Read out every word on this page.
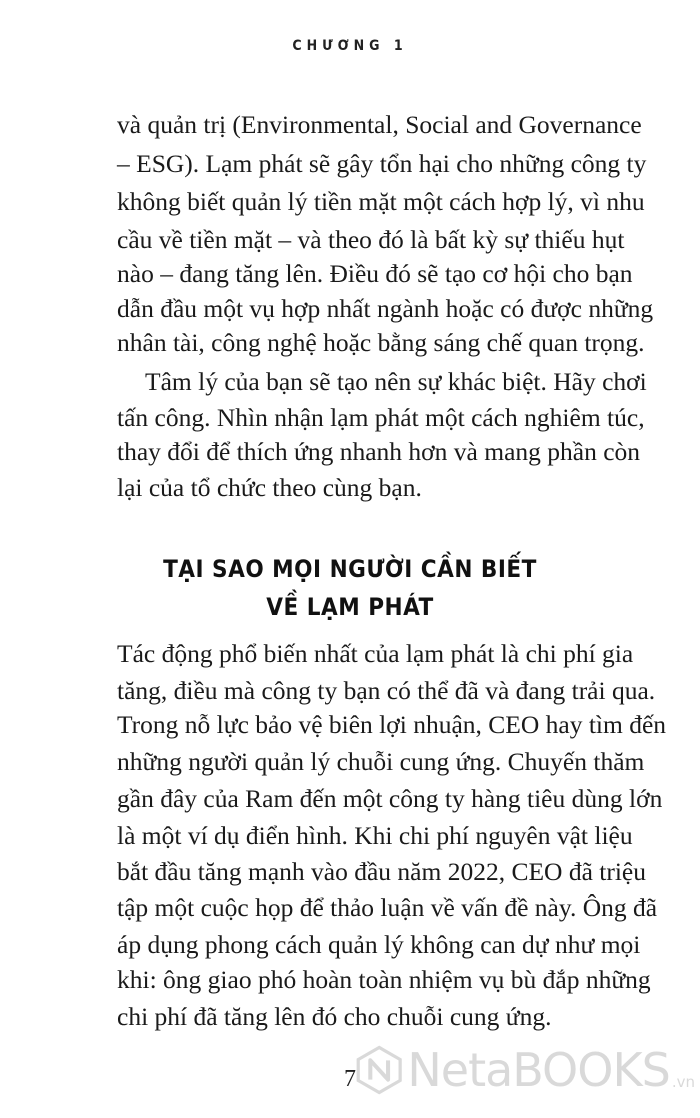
CHƯƠNG 1
và quản trị (Environmental, Social and Governance
– ESG). Lạm phát sẽ gây tổn hại cho những công ty
không biết quản lý tiền mặt một cách hợp lý, vì nhu
cầu về tiền mặt – và theo đó là bất kỳ sự thiếu hụt
nào – đang tăng lên. Điều đó sẽ tạo cơ hội cho bạn
dẫn đầu một vụ hợp nhất ngành hoặc có được những
nhân tài, công nghệ hoặc bằng sáng chế quan trọng.
Tâm lý của bạn sẽ tạo nên sự khác biệt. Hãy chơi
tấn công. Nhìn nhận lạm phát một cách nghiêm túc,
thay đổi để thích ứng nhanh hơn và mang phần còn
lại của tổ chức theo cùng bạn.
TẠI SAO MỌI NGƯỜI CẦN BIẾT
VỀ LẠM PHÁT
Tác động phổ biến nhất của lạm phát là chi phí gia
tăng, điều mà công ty bạn có thể đã và đang trải qua.
Trong nỗ lực bảo vệ biên lợi nhuận, CEO hay tìm đến
những người quản lý chuỗi cung ứng. Chuyến thăm
gần đây của Ram đến một công ty hàng tiêu dùng lớn
là một ví dụ điển hình. Khi chi phí nguyên vật liệu
bắt đầu tăng mạnh vào đầu năm 2022, CEO đã triệu
tập một cuộc họp để thảo luận về vấn đề này. Ông đã
áp dụng phong cách quản lý không can dự như mọi
khi: ông giao phó hoàn toàn nhiệm vụ bù đắp những
chi phí đã tăng lên đó cho chuỗi cung ứng.
7	NetaBOOKS .vn
